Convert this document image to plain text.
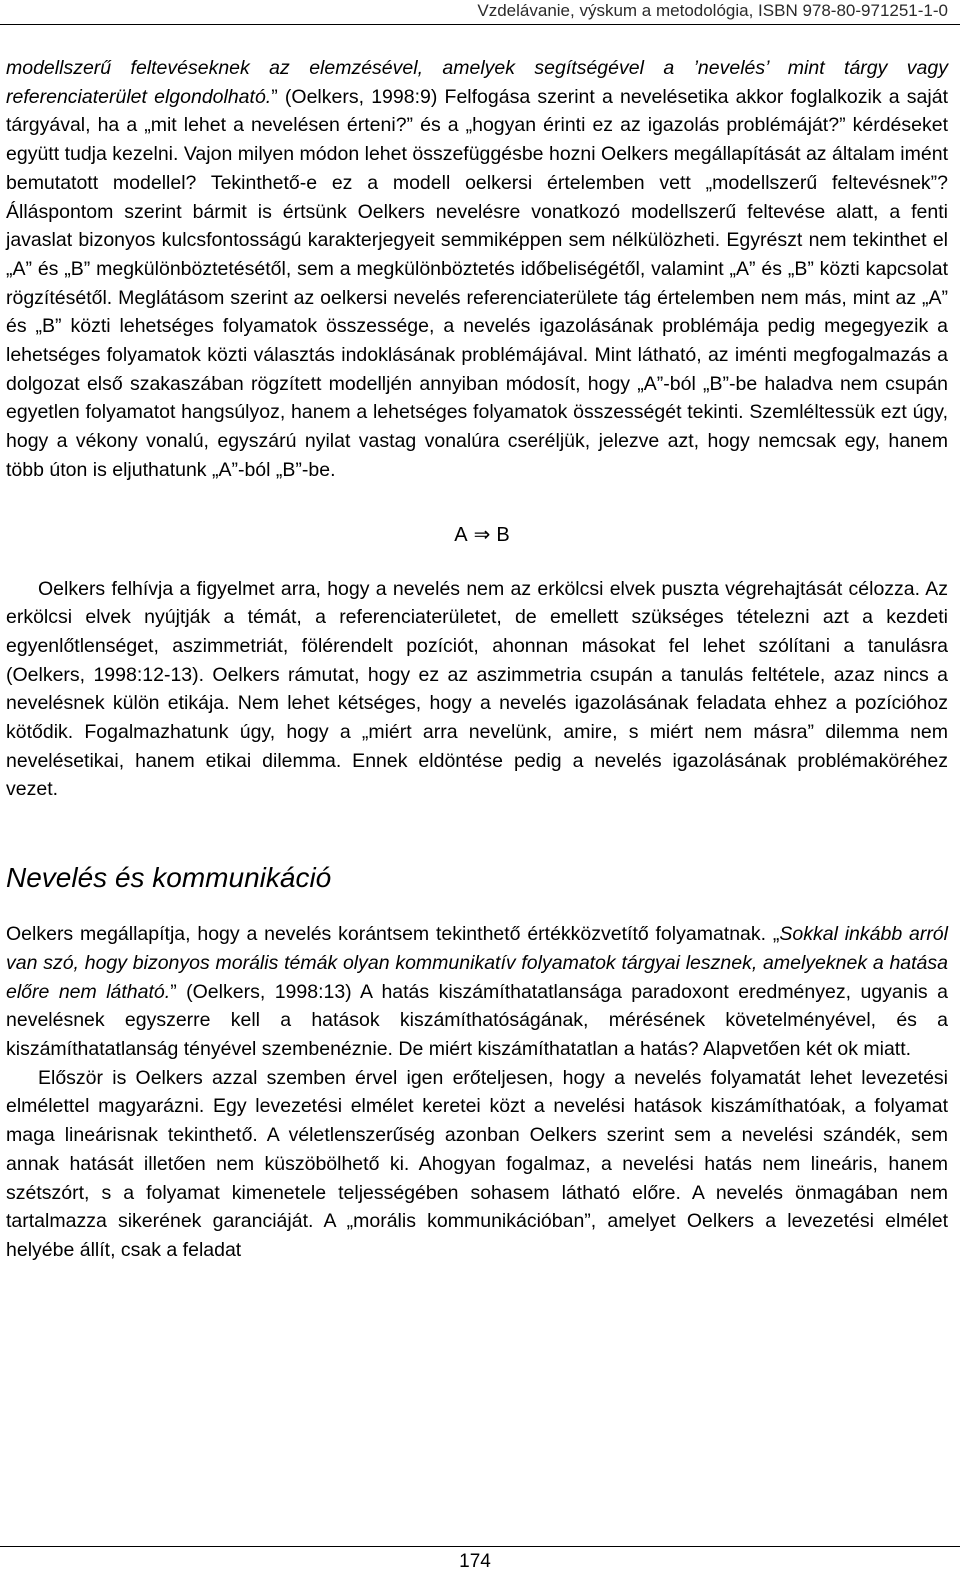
Vzdelávanie, výskum a metodológia, ISBN 978-80-971251-1-0

modellszerű feltevéseknek az elemzésével, amelyek segítségével a ’nevelés’ mint tárgy vagy referenciaterület elgondolható.” (Oelkers, 1998:9) Felfogása szerint a nevelésetika akkor foglalkozik a saját tárgyával, ha a „mit lehet a nevelésen érteni?” és a „hogyan érinti ez az igazolás problémáját?” kérdéseket együtt tudja kezelni. Vajon milyen módon lehet összefüggésbe hozni Oelkers megállapítását az általam imént bemutatott modellel? Tekinthető-e ez a modell oelkersi értelemben vett „modellszerű feltevésnek”? Álláspontom szerint bármit is értsünk Oelkers nevelésre vonatkozó modellszerű feltevése alatt, a fenti javaslat bizonyos kulcsfontosságú karakterjegyeit semmiképpen sem nélkülözheti. Egyrészt nem tekinthet el „A” és „B” megkülönböztetésétől, sem a megkülönböztetés időbeliségétől, valamint „A” és „B” közti kapcsolat rögzítésétől. Meglátásom szerint az oelkersi nevelés referenciaterülete tág értelemben nem más, mint az „A” és „B” közti lehetséges folyamatok összessége, a nevelés igazolásának problémája pedig megegyezik a lehetséges folyamatok közti választás indoklásának problémájával. Mint látható, az iménti megfogalmazás a dolgozat első szakaszában rögzített modelljén annyiban módosít, hogy „A”-ból „B”-be haladva nem csupán egyetlen folyamatot hangsúlyoz, hanem a lehetséges folyamatok összességét tekinti. Szemléltessük ezt úgy, hogy a vékony vonalú, egyszárú nyilat vastag vonalúra cseréljük, jelezve azt, hogy nemcsak egy, hanem több úton is eljuthatunk „A”-ból „B”-be.

A ⇒ B

Oelkers felhívja a figyelmet arra, hogy a nevelés nem az erkölcsi elvek puszta végrehajtását célozza. Az erkölcsi elvek nyújtják a témát, a referenciaterületet, de emellett szükséges tételezni azt a kezdeti egyenlőtlenséget, aszimmetriát, fölérendelt pozíciót, ahonnan másokat fel lehet szólítani a tanulásra (Oelkers, 1998:12-13). Oelkers rámutat, hogy ez az aszimmetria csupán a tanulás feltétele, azaz nincs a nevelésnek külön etikája. Nem lehet kétséges, hogy a nevelés igazolásának feladata ehhez a pozícióhoz kötődik. Fogalmazhatunk úgy, hogy a „miért arra nevelünk, amire, s miért nem másra” dilemma nem nevelésetikai, hanem etikai dilemma. Ennek eldöntése pedig a nevelés igazolásának problémaköréhez vezet.

Nevelés és kommunikáció

Oelkers megállapítja, hogy a nevelés korántsem tekinthető értékközvetítő folyamatnak. „Sokkal inkább arról van szó, hogy bizonyos morális témák olyan kommunikatív folyamatok tárgyai lesznek, amelyeknek a hatása előre nem látható.” (Oelkers, 1998:13) A hatás kiszámíthatatlansága paradoxont eredményez, ugyanis a nevelésnek egyszerre kell a hatások kiszámíthatóságának, mérésének követelményével, és a kiszámíthatatlanság tényével szembenéznie. De miért kiszámíthatatlan a hatás? Alapvetően két ok miatt.

Először is Oelkers azzal szemben érvel igen erőteljesen, hogy a nevelés folyamatát lehet levezetési elmélettel magyarázni. Egy levezetési elmélet keretei közt a nevelési hatások kiszámíthatóak, a folyamat maga lineárisnak tekinthető. A véletlenszerűség azonban Oelkers szerint sem a nevelési szándék, sem annak hatását illetően nem küszöbölhető ki. Ahogyan fogalmaz, a nevelési hatás nem lineáris, hanem szétszórt, s a folyamat kimenetele teljességében sohasem látható előre. A nevelés önmagában nem tartalmazza sikerének garanciáját. A „morális kommunikációban”, amelyet Oelkers a levezetési elmélet helyébe állít, csak a feladat

174
